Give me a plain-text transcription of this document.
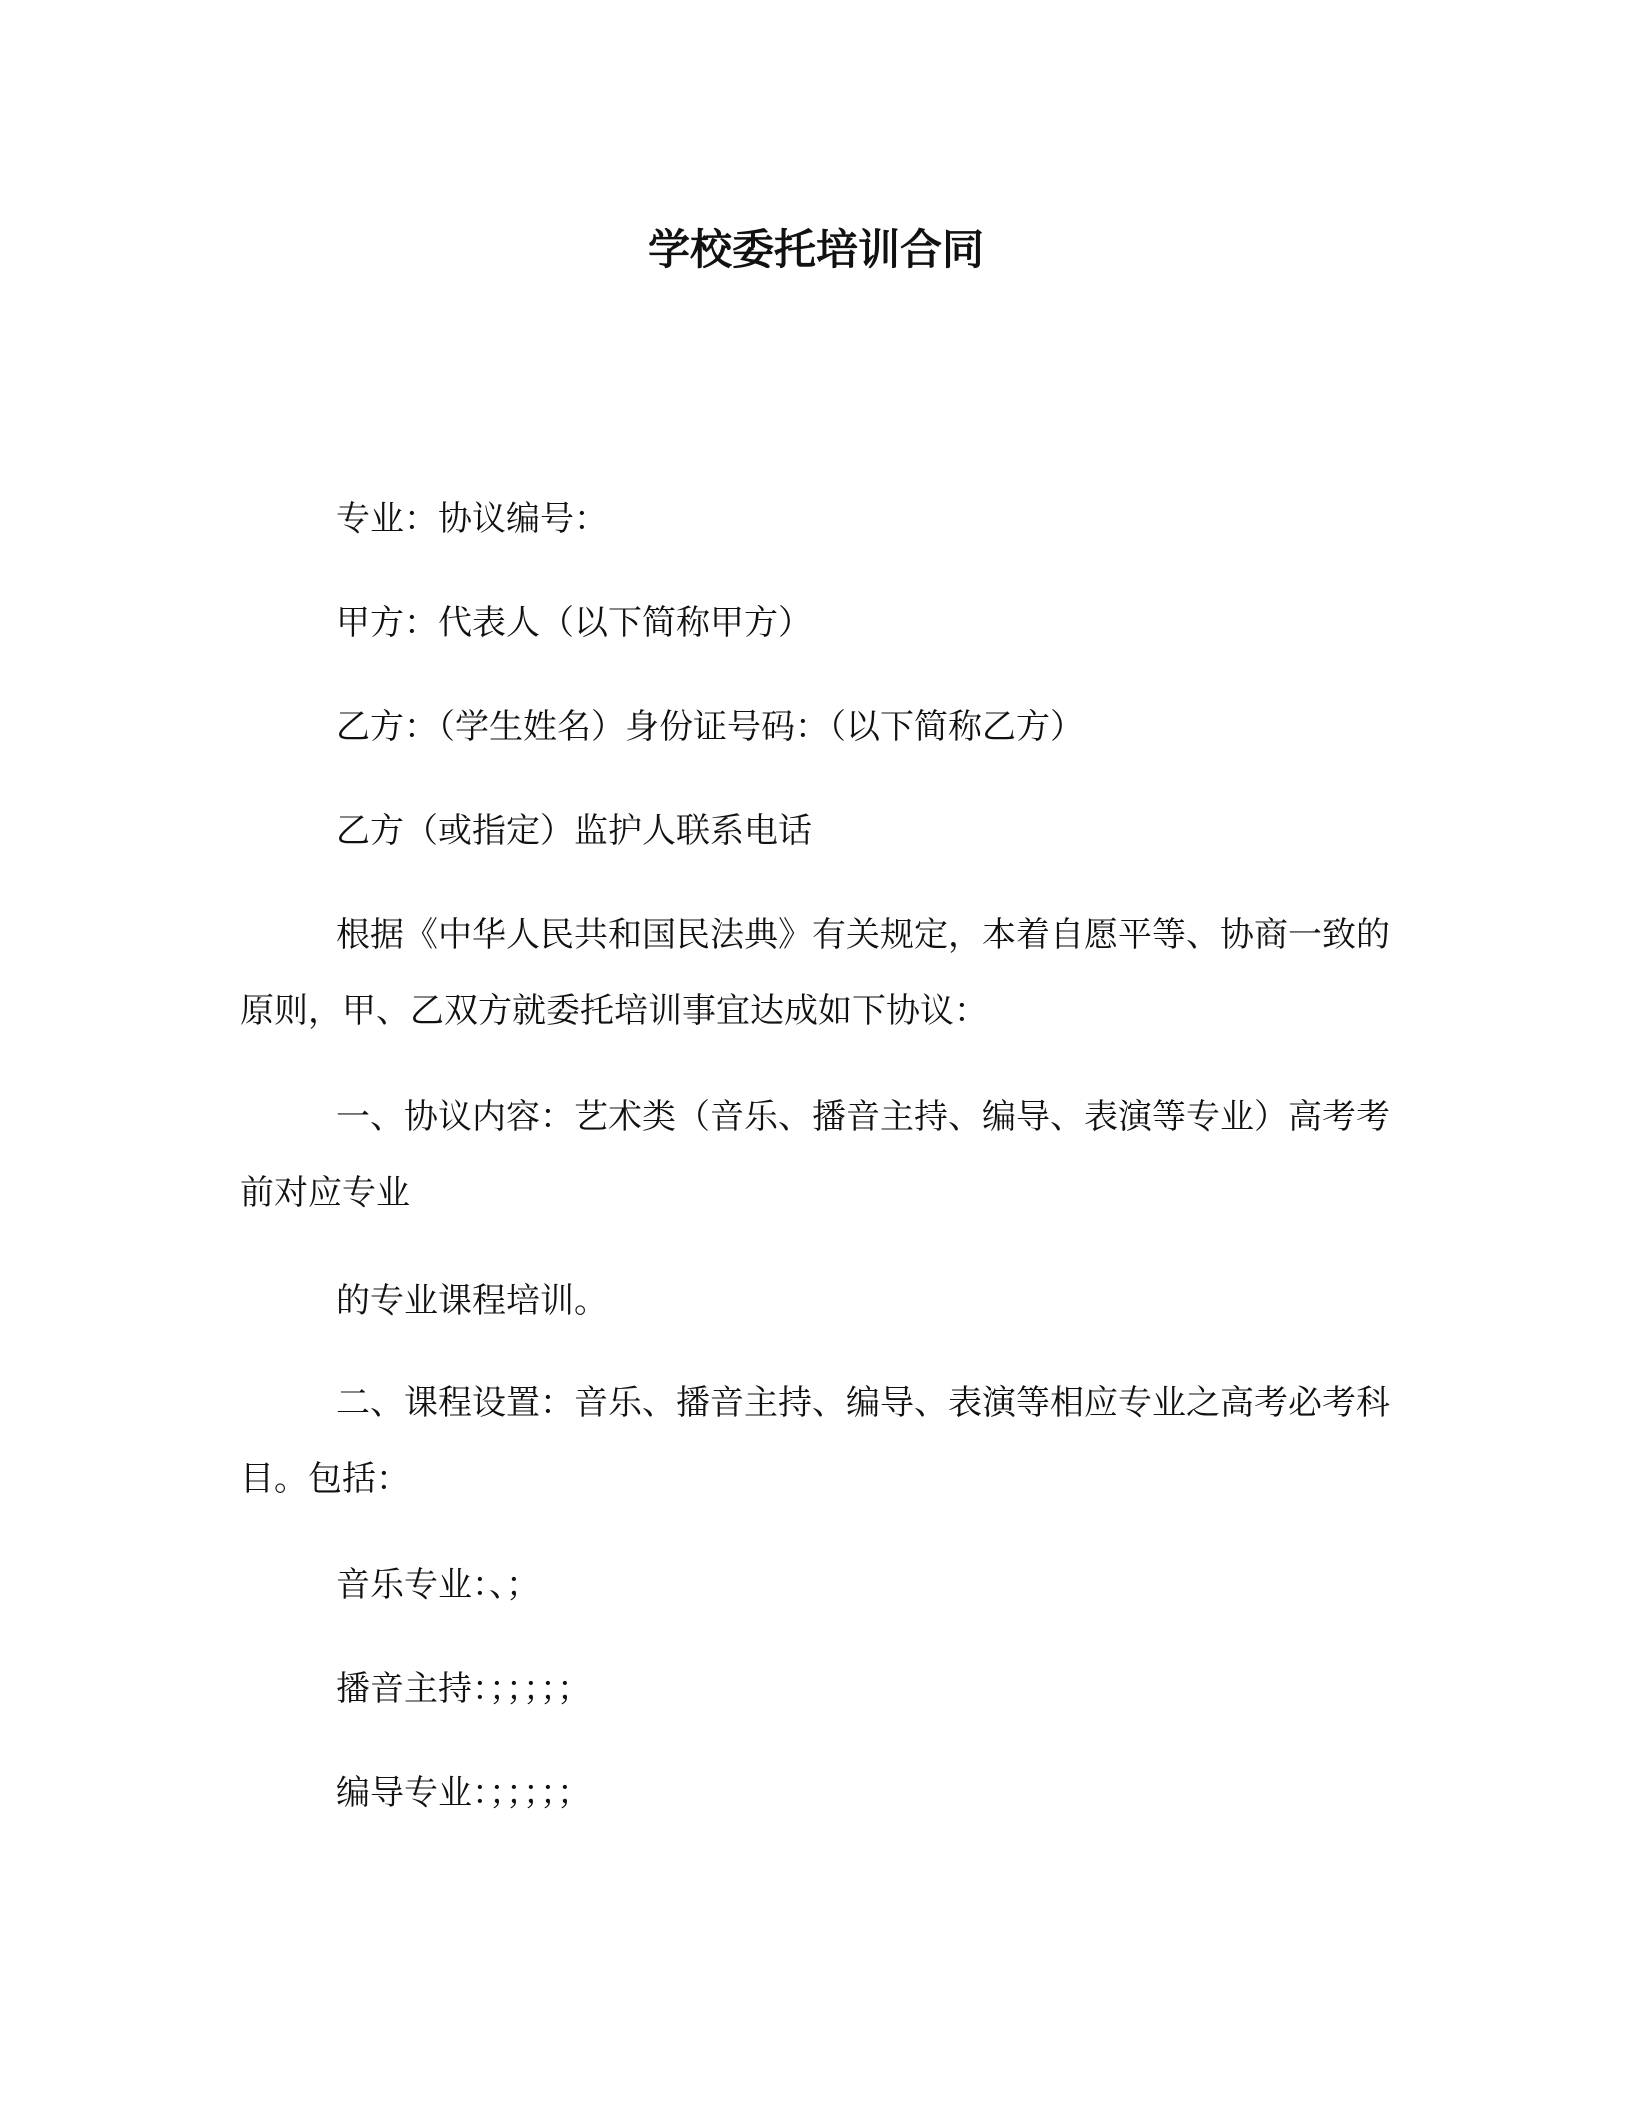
学校委托培训合同
专业：协议编号：
甲方：代表人（以下简称甲方）
乙方：（学生姓名）身份证号码：（以下简称乙方）
乙方（或指定）监护人联系电话
根据《中华人民共和国民法典》有关规定，本着自愿平等、协商一致的原则，甲、乙双方就委托培训事宜达成如下协议：
一、协议内容：艺术类（音乐、播音主持、编导、表演等专业）高考考前对应专业
的专业课程培训。
二、课程设置：音乐、播音主持、编导、表演等相应专业之高考必考科目。包括：
音乐专业：、；
播音主持：；；；；；
编导专业：；；；；；
